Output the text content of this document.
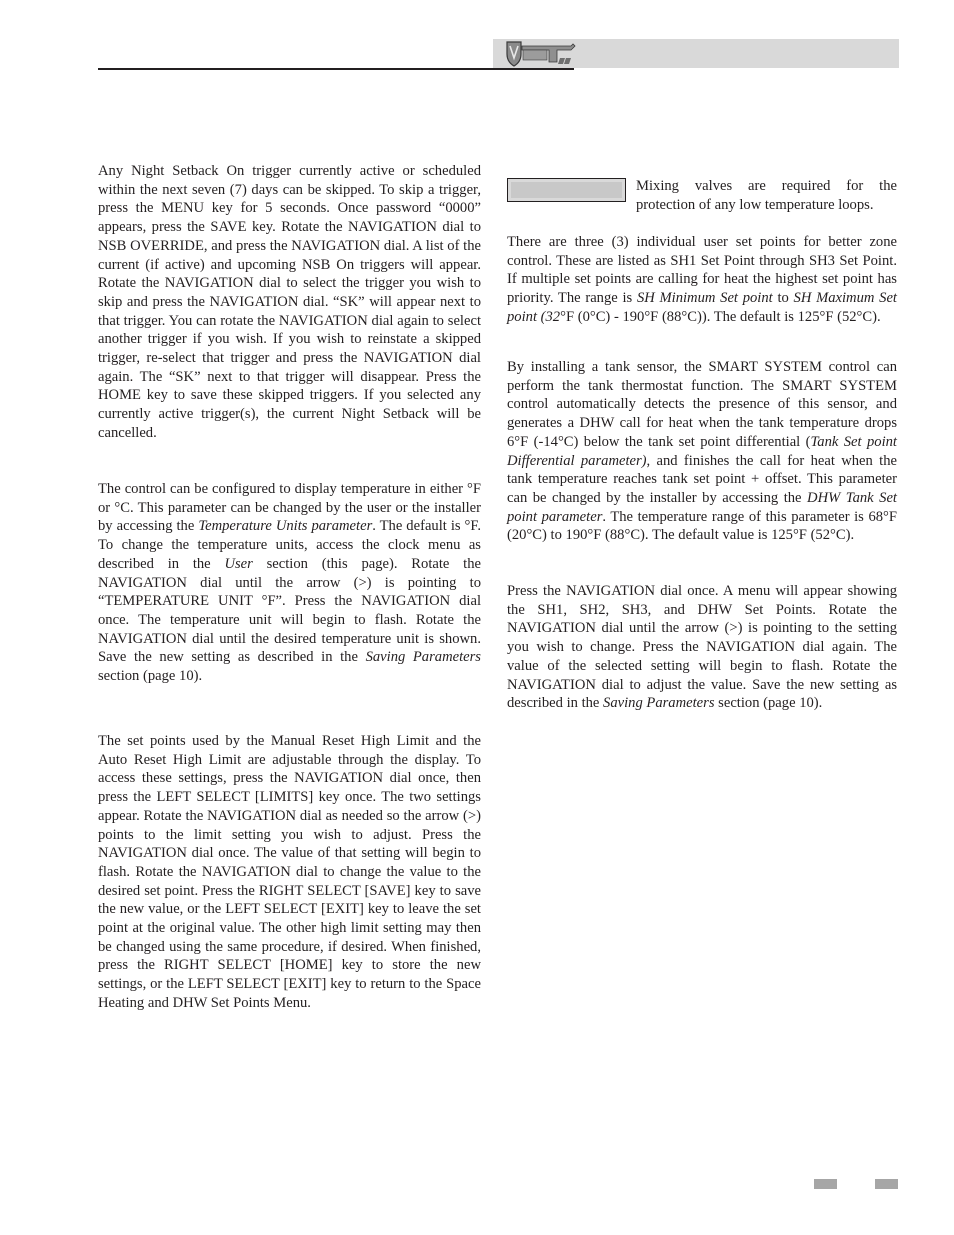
Any Night Setback On trigger currently active or scheduled within the next seven (7) days can be skipped. To skip a trigger, press the MENU key for 5 seconds. Once password “0000” appears, press the SAVE key. Rotate the NAVIGATION dial to NSB OVERRIDE, and press the NAVIGATION dial. A list of the current (if active) and upcoming NSB On triggers will appear. Rotate the NAVIGATION dial to select the trigger you wish to skip and press the NAVIGATION dial. “SK” will appear next to that trigger. You can rotate the NAVIGATION dial again to select another trigger if you wish. If you wish to reinstate a skipped trigger, re-select that trigger and press the NAVIGATION dial again. The “SK” next to that trigger will disappear. Press the HOME key to save these skipped triggers. If you selected any currently active trigger(s), the current Night Setback will be cancelled.

The control can be configured to display temperature in either °F or °C. This parameter can be changed by the user or the installer by accessing the Temperature Units parameter. The default is °F. To change the temperature units, access the clock menu as described in the User section (this page). Rotate the NAVIGATION dial until the arrow (>) is pointing to “TEMPERATURE UNIT °F”. Press the NAVIGATION dial once. The temperature unit will begin to flash. Rotate the NAVIGATION dial until the desired temperature unit is shown. Save the new setting as described in the Saving Parameters section (page 10).

The set points used by the Manual Reset High Limit and the Auto Reset High Limit are adjustable through the display. To access these settings, press the NAVIGATION dial once, then press the LEFT SELECT [LIMITS] key once. The two settings appear. Rotate the NAVIGATION dial as needed so the arrow (>) points to the limit setting you wish to adjust. Press the NAVIGATION dial once. The value of that setting will begin to flash. Rotate the NAVIGATION dial to change the value to the desired set point. Press the RIGHT SELECT [SAVE] key to save the new value, or the LEFT SELECT [EXIT] key to leave the set point at the original value. The other high limit setting may then be changed using the same procedure, if desired. When finished, press the RIGHT SELECT [HOME] key to store the new settings, or the LEFT SELECT [EXIT] key to return to the Space Heating and DHW Set Points Menu.

Mixing valves are required for the protection of any low temperature loops.

There are three (3) individual user set points for better zone control. These are listed as SH1 Set Point through SH3 Set Point. If multiple set points are calling for heat the highest set point has priority. The range is SH Minimum Set point to SH Maximum Set point (32°F (0°C) - 190°F (88°C)). The default is 125°F (52°C).

By installing a tank sensor, the SMART SYSTEM control can perform the tank thermostat function. The SMART SYSTEM control automatically detects the presence of this sensor, and generates a DHW call for heat when the tank temperature drops 6°F (-14°C) below the tank set point differential (Tank Set point Differential parameter), and finishes the call for heat when the tank temperature reaches tank set point + offset. This parameter can be changed by the installer by accessing the DHW Tank Set point parameter. The temperature range of this parameter is 68°F (20°C) to 190°F (88°C). The default value is 125°F (52°C).

Press the NAVIGATION dial once. A menu will appear showing the SH1, SH2, SH3, and DHW Set Points. Rotate the NAVIGATION dial until the arrow (>) is pointing to the setting you wish to change. Press the NAVIGATION dial again. The value of the selected setting will begin to flash. Rotate the NAVIGATION dial to adjust the value. Save the new setting as described in the Saving Parameters section (page 10).
